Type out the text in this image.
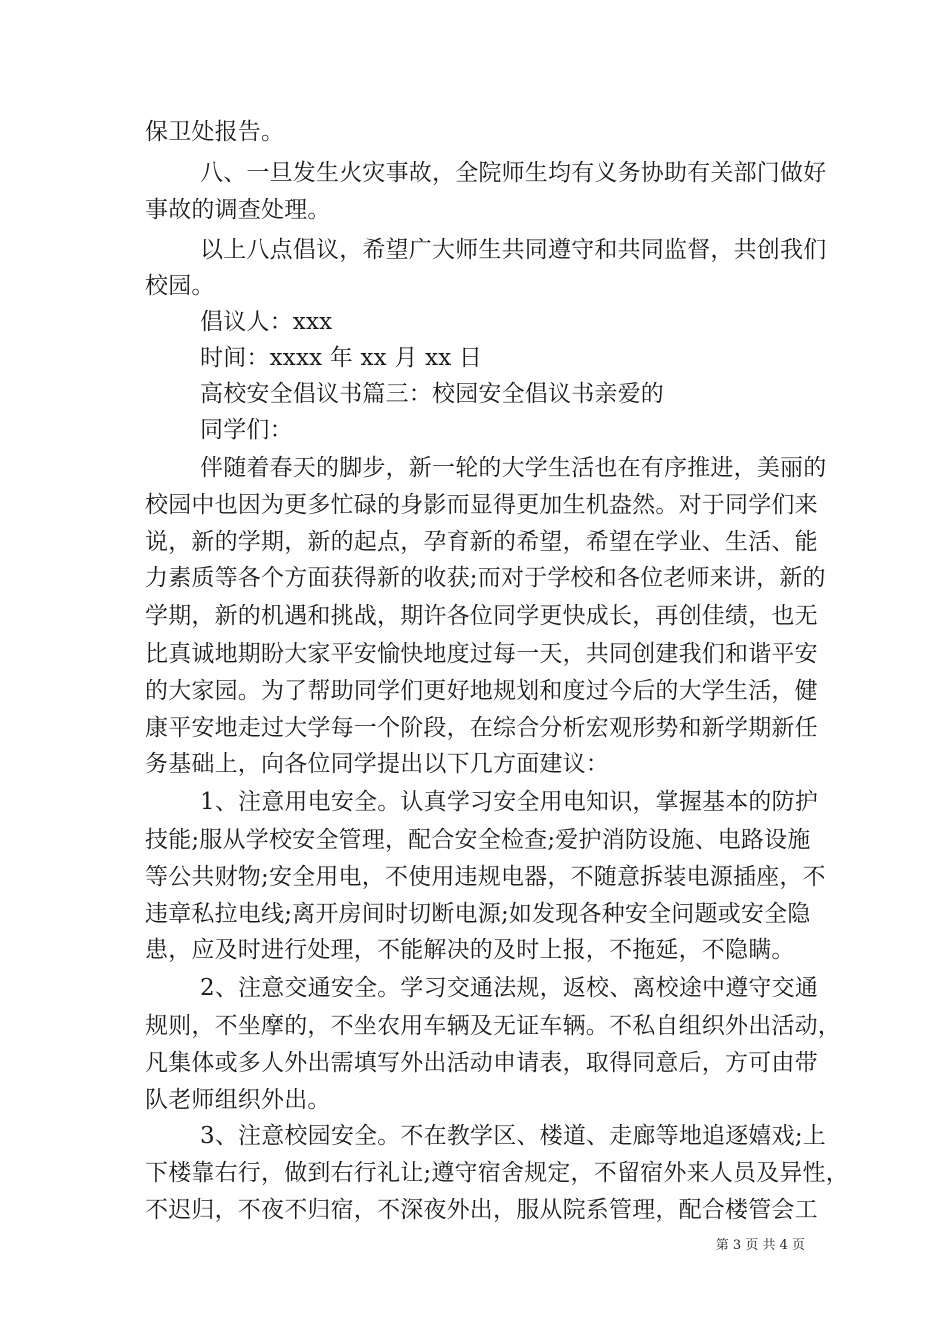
保卫处报告。
八、一旦发生火灾事故，全院师生均有义务协助有关部门做好
事故的调查处理。
以上八点倡议，希望广大师生共同遵守和共同监督，共创我们
校园。
倡议人：xxx
时间：xxxx 年 xx 月 xx 日
高校安全倡议书篇三：校园安全倡议书亲爱的
同学们：
伴随着春天的脚步，新一轮的大学生活也在有序推进，美丽的
校园中也因为更多忙碌的身影而显得更加生机盎然。对于同学们来
说，新的学期，新的起点，孕育新的希望，希望在学业、生活、能
力素质等各个方面获得新的收获;而对于学校和各位老师来讲，新的
学期，新的机遇和挑战，期许各位同学更快成长，再创佳绩，也无
比真诚地期盼大家平安愉快地度过每一天，共同创建我们和谐平安
的大家园。为了帮助同学们更好地规划和度过今后的大学生活，健
康平安地走过大学每一个阶段，在综合分析宏观形势和新学期新任
务基础上，向各位同学提出以下几方面建议：
1、注意用电安全。认真学习安全用电知识，掌握基本的防护
技能;服从学校安全管理，配合安全检查;爱护消防设施、电路设施
等公共财物;安全用电，不使用违规电器，不随意拆装电源插座，不
违章私拉电线;离开房间时切断电源;如发现各种安全问题或安全隐
患，应及时进行处理，不能解决的及时上报，不拖延，不隐瞒。
2、注意交通安全。学习交通法规，返校、离校途中遵守交通
规则，不坐摩的，不坐农用车辆及无证车辆。不私自组织外出活动，
凡集体或多人外出需填写外出活动申请表，取得同意后，方可由带
队老师组织外出。
3、注意校园安全。不在教学区、楼道、走廊等地追逐嬉戏;上
下楼靠右行，做到右行礼让;遵守宿舍规定，不留宿外来人员及异性，
不迟归，不夜不归宿，不深夜外出，服从院系管理，配合楼管会工
第 3 页 共 4 页
